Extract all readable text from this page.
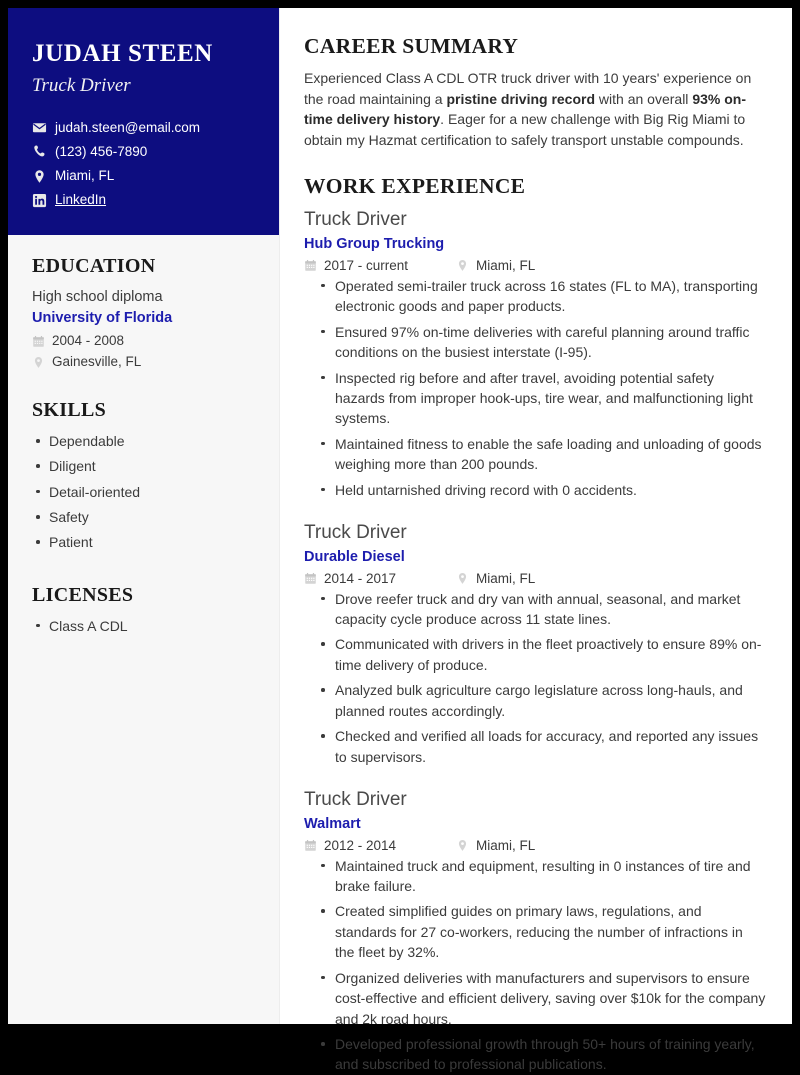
JUDAH STEEN
Truck Driver
judah.steen@email.com
(123) 456-7890
Miami, FL
LinkedIn
EDUCATION
High school diploma
University of Florida
2004 - 2008
Gainesville, FL
SKILLS
Dependable
Diligent
Detail-oriented
Safety
Patient
LICENSES
Class A CDL
CAREER SUMMARY

Experienced Class A CDL OTR truck driver with 10 years' experience on the road maintaining a pristine driving record with an overall 93% on-time delivery history. Eager for a new challenge with Big Rig Miami to obtain my Hazmat certification to safely transport unstable compounds.

WORK EXPERIENCE
Truck Driver
Hub Group Trucking
2017 - current	Miami, FL
Operated semi-trailer truck across 16 states (FL to MA), transporting electronic goods and paper products.
Ensured 97% on-time deliveries with careful planning around traffic conditions on the busiest interstate (I-95).
Inspected rig before and after travel, avoiding potential safety hazards from improper hook-ups, tire wear, and malfunctioning light systems.
Maintained fitness to enable the safe loading and unloading of goods weighing more than 200 pounds.
Held untarnished driving record with 0 accidents.
Truck Driver
Durable Diesel
2014 - 2017	Miami, FL
Drove reefer truck and dry van with annual, seasonal, and market capacity cycle produce across 11 state lines.
Communicated with drivers in the fleet proactively to ensure 89% on-time delivery of produce.
Analyzed bulk agriculture cargo legislature across long-hauls, and planned routes accordingly.
Checked and verified all loads for accuracy, and reported any issues to supervisors.
Truck Driver
Walmart
2012 - 2014	Miami, FL
Maintained truck and equipment, resulting in 0 instances of tire and brake failure.
Created simplified guides on primary laws, regulations, and standards for 27 co-workers, reducing the number of infractions in the fleet by 32%.
Organized deliveries with manufacturers and supervisors to ensure cost-effective and efficient delivery, saving over $10k for the company and 2k road hours.
Developed professional growth through 50+ hours of training yearly, and subscribed to professional publications.
